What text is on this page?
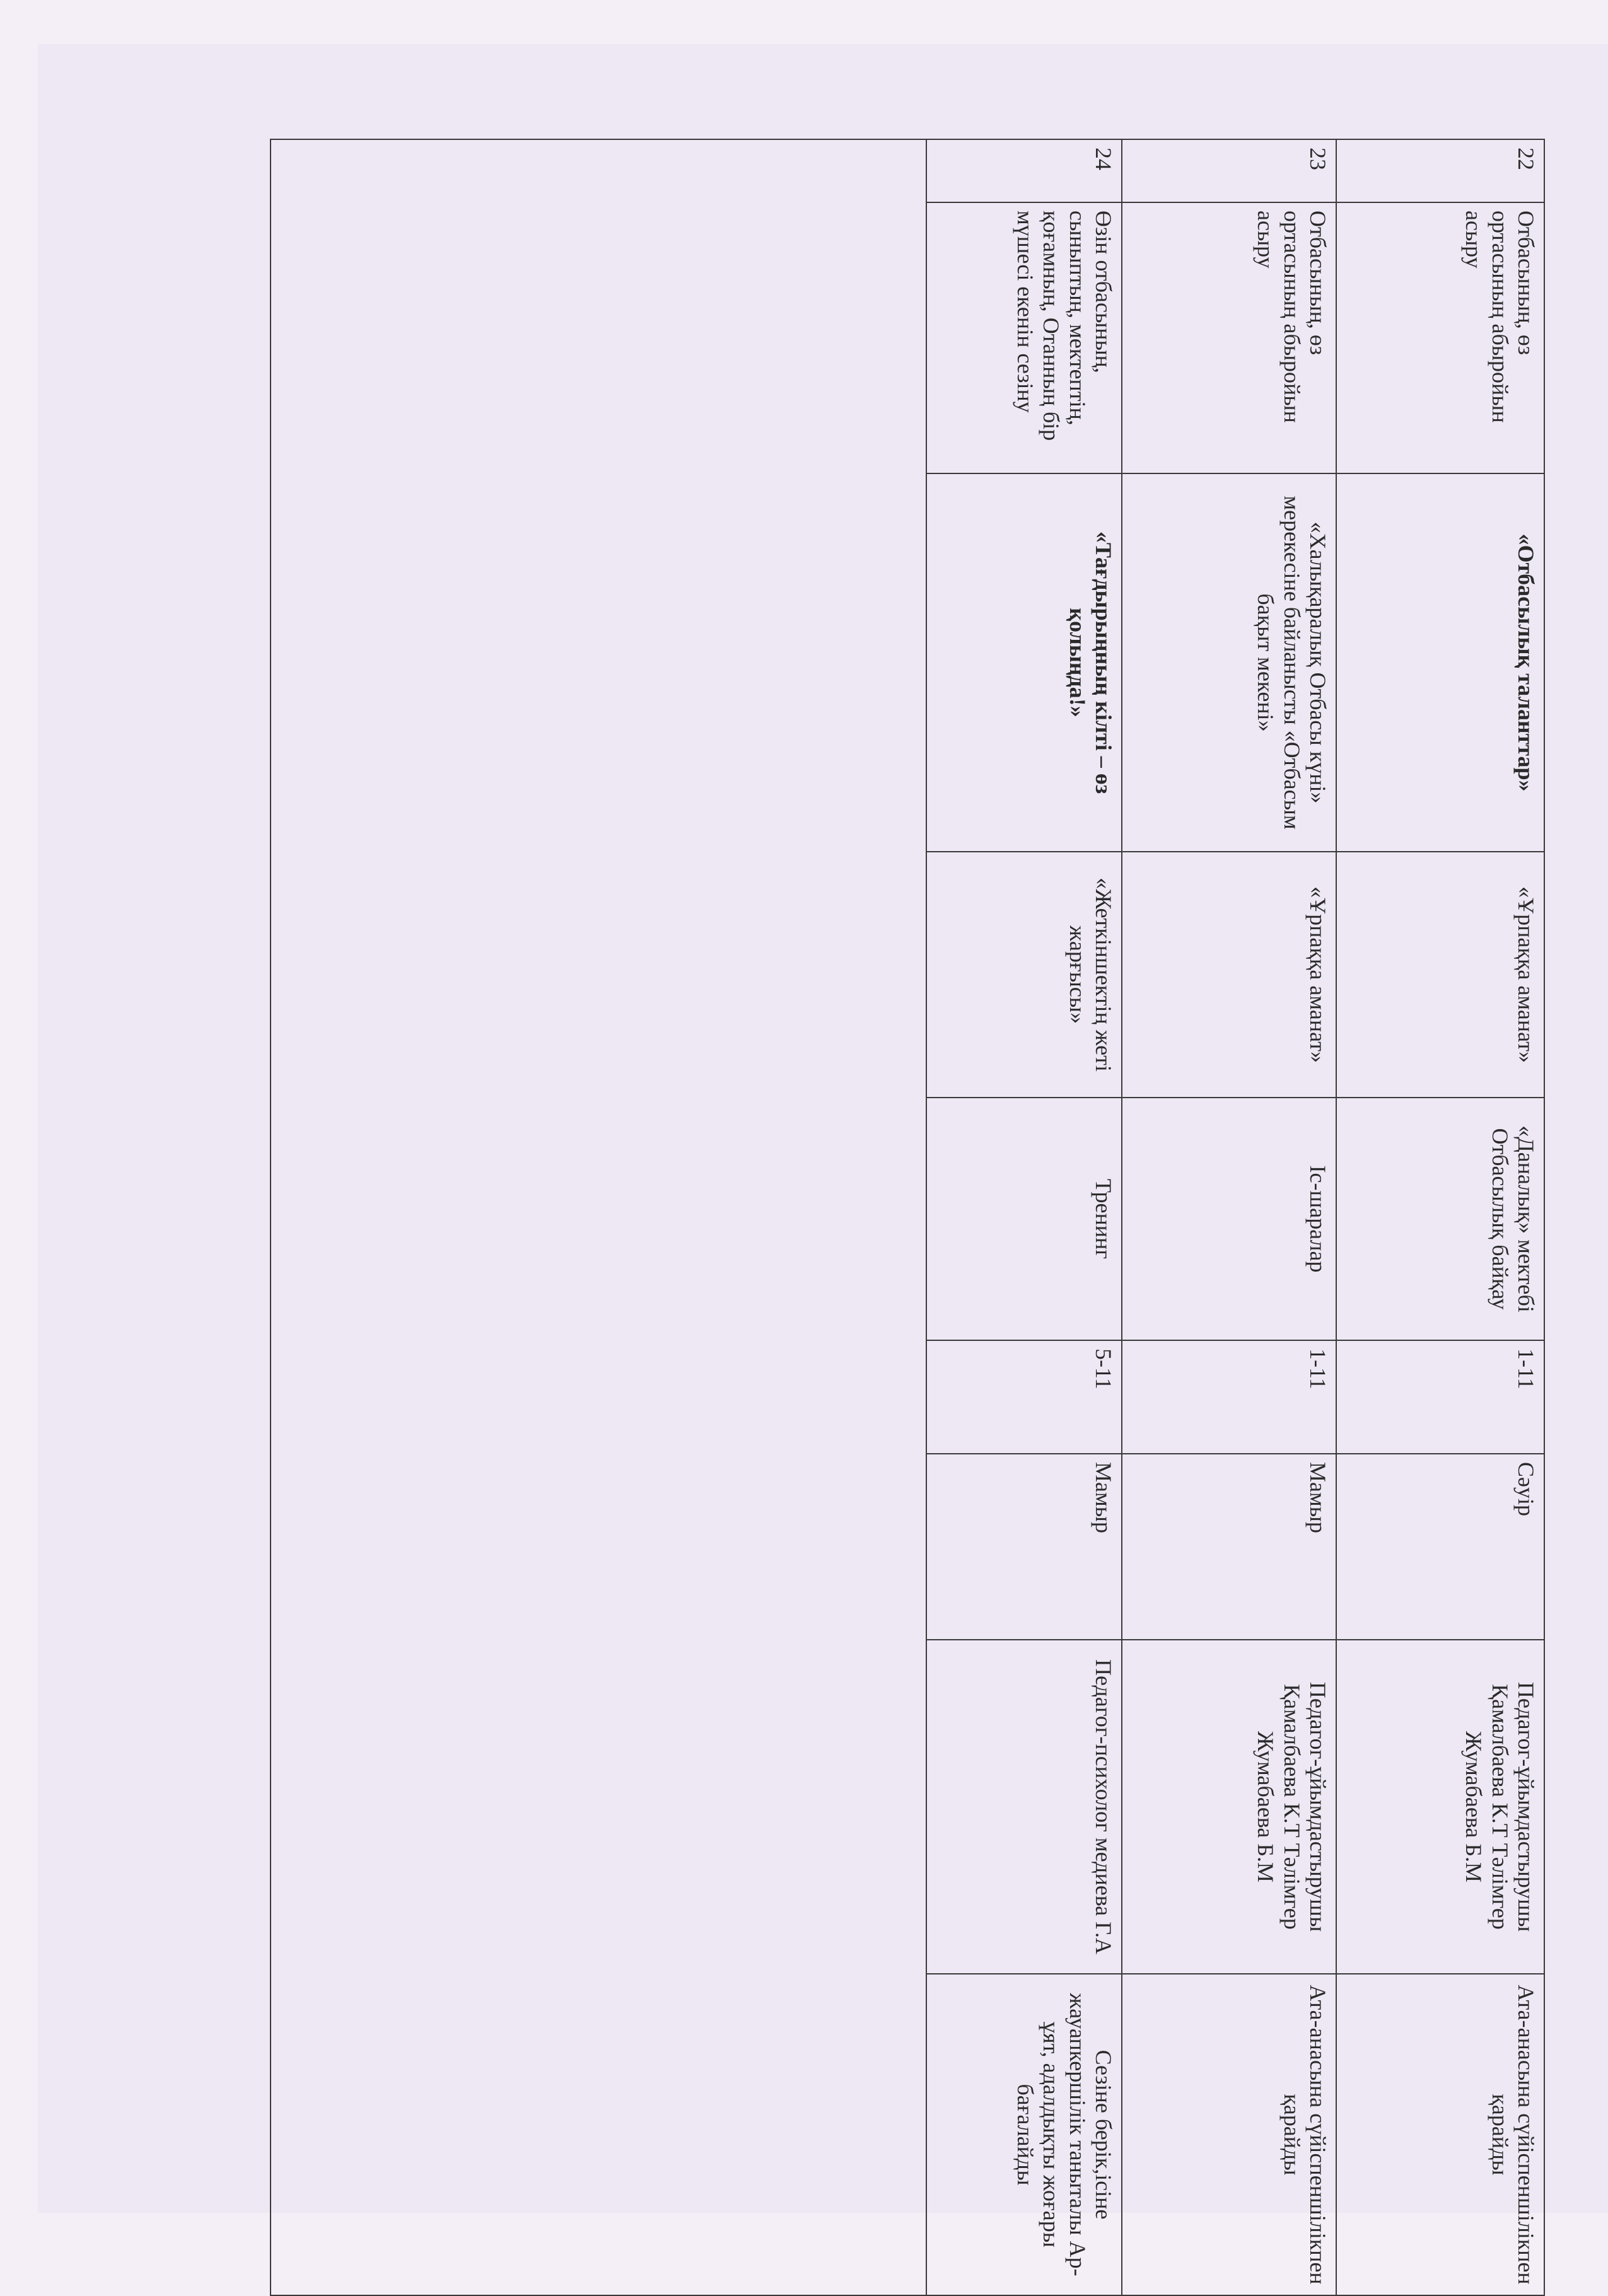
22	Отбасының, өз ортасының абыройын асыру	«Отбасылық таланттар»	«Ұрпаққа аманат»	«Даналық» мектебі Отбасылық байқау	1-11	Сәуір	Педагог-ұйымдастырушы Қамалбаева К.Т Тәлімгер Жумабаева Б.М	Ата-анасына сүйіспеншілікпен қарайды
23	Отбасының, өз ортасының абыройын асыру	«Халықаралық Отбасы күні» мерекесіне байланысты «Отбасым бақыт мекені»	«Ұрпаққа аманат»	Іс-шаралар	1-11	Мамыр	Педагог-ұйымдастырушы Қамалбаева К.Т Тәлімгер Жумабаева Б.М	Ата-анасына сүйіспеншілікпен қарайды
24	Өзін отбасының, сыныптың, мектептің, қоғамның, Отанның бір мүшесі екенін сезіну	«Тағдырыңның кілті – өз қолыңда!»	«Жеткіншектің жеті жарғысы»	Тренинг	5-11	Мамыр	Педагог-психолог медиева Г.А	Сезіне берік,ісіне жауапкершілік таныталы Ар-ұят, адалдықты жоғары бағалайды
